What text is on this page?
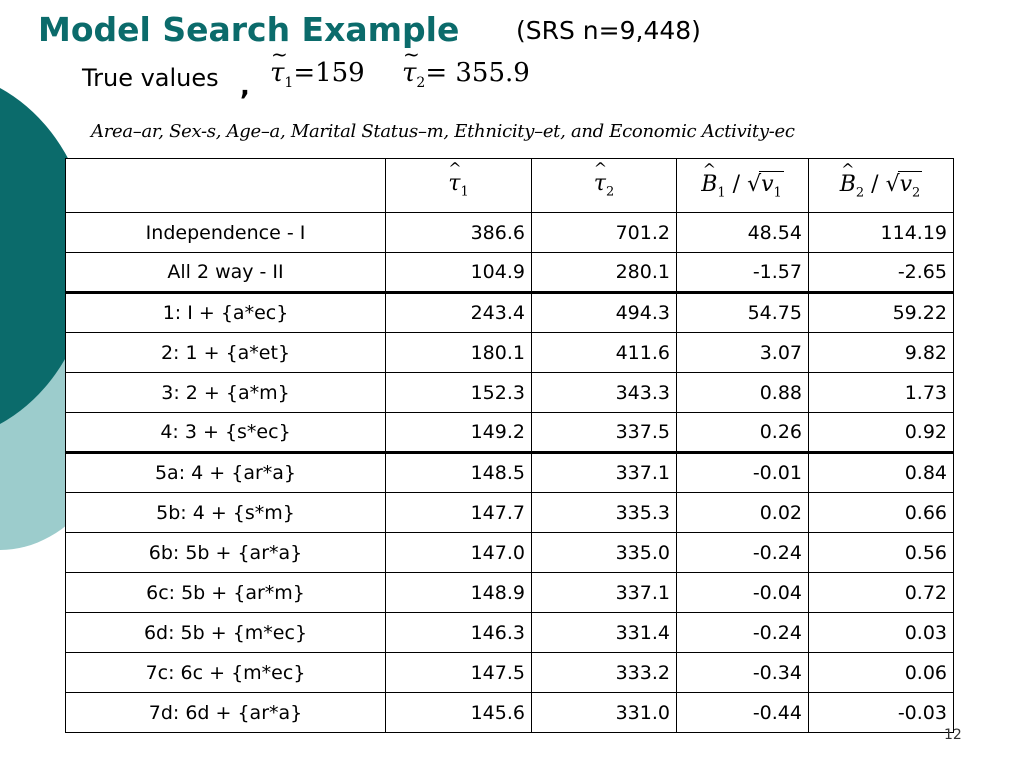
Model Search Example (SRS n=9,448)
True values , ~ $\tau_1=159$ ~ $\tau_2= 355.9$
Area–ar, Sex-s, Age–a, Marital Status–m, Ethnicity–et, and Economic Activity-ec
	^ $\tau_1$	^ $\tau_2$	^ $B_1 / √v_1$	^ $B_2 / √v_2$
Independence - I	386.6	701.2	48.54	114.19
All 2 way - II	104.9	280.1	-1.57	-2.65
1: I + {a*ec}	243.4	494.3	54.75	59.22
2: 1 + {a*et}	180.1	411.6	3.07	9.82
3: 2 + {a*m}	152.3	343.3	0.88	1.73
4: 3 + {s*ec}	149.2	337.5	0.26	0.92
5a: 4 + {ar*a}	148.5	337.1	-0.01	0.84
5b: 4 + {s*m}	147.7	335.3	0.02	0.66
6b: 5b + {ar*a}	147.0	335.0	-0.24	0.56
6c: 5b + {ar*m}	148.9	337.1	-0.04	0.72
6d: 5b + {m*ec}	146.3	331.4	-0.24	0.03
7c: 6c + {m*ec}	147.5	333.2	-0.34	0.06
7d: 6d + {ar*a}	145.6	331.0	-0.44	-0.03
12
